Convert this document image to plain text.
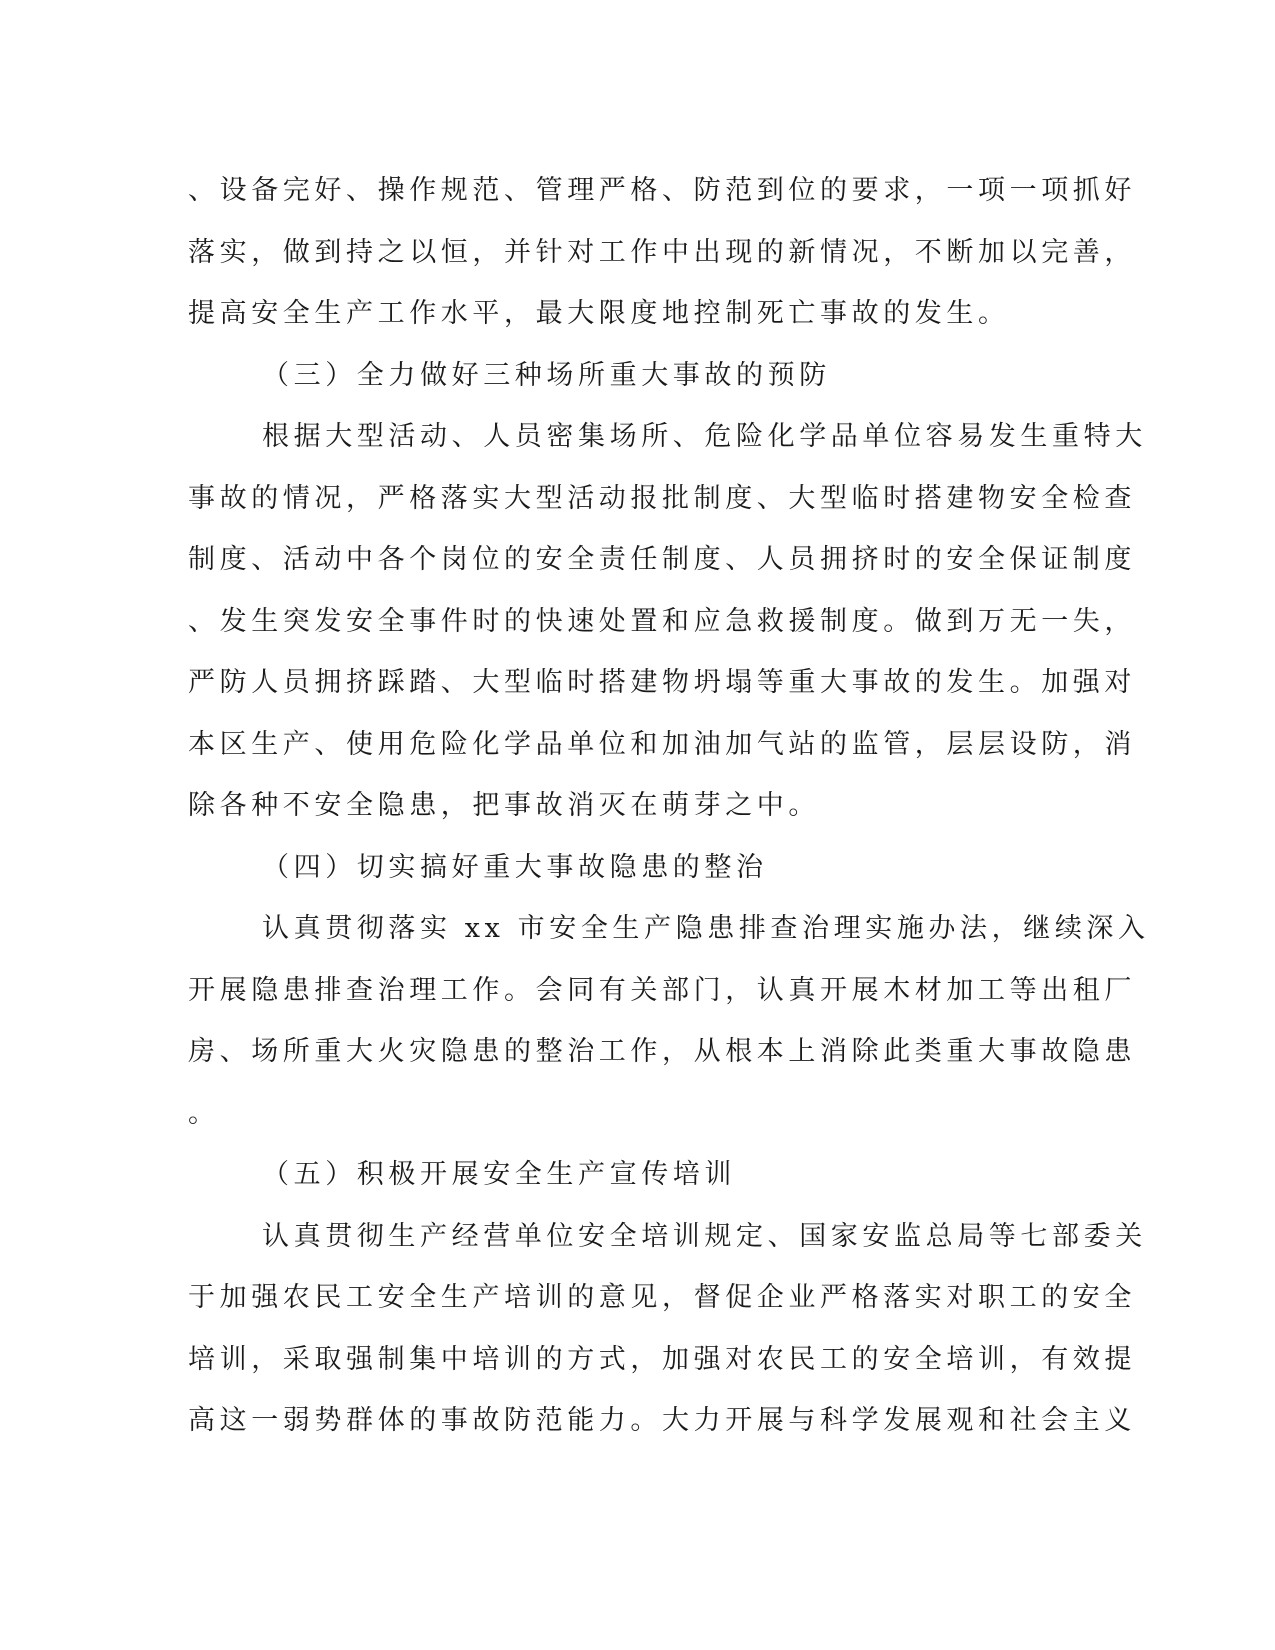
、设备完好、操作规范、管理严格、防范到位的要求，一项一项抓好
落实，做到持之以恒，并针对工作中出现的新情况，不断加以完善，
提高安全生产工作水平，最大限度地控制死亡事故的发生。
（三）全力做好三种场所重大事故的预防
根据大型活动、人员密集场所、危险化学品单位容易发生重特大
事故的情况，严格落实大型活动报批制度、大型临时搭建物安全检查
制度、活动中各个岗位的安全责任制度、人员拥挤时的安全保证制度
、发生突发安全事件时的快速处置和应急救援制度。做到万无一失，
严防人员拥挤踩踏、大型临时搭建物坍塌等重大事故的发生。加强对
本区生产、使用危险化学品单位和加油加气站的监管，层层设防，消
除各种不安全隐患，把事故消灭在萌芽之中。
（四）切实搞好重大事故隐患的整治
认真贯彻落实 xx 市安全生产隐患排查治理实施办法，继续深入
开展隐患排查治理工作。会同有关部门，认真开展木材加工等出租厂
房、场所重大火灾隐患的整治工作，从根本上消除此类重大事故隐患
。
（五）积极开展安全生产宣传培训
认真贯彻生产经营单位安全培训规定、国家安监总局等七部委关
于加强农民工安全生产培训的意见，督促企业严格落实对职工的安全
培训，采取强制集中培训的方式，加强对农民工的安全培训，有效提
高这一弱势群体的事故防范能力。大力开展与科学发展观和社会主义
